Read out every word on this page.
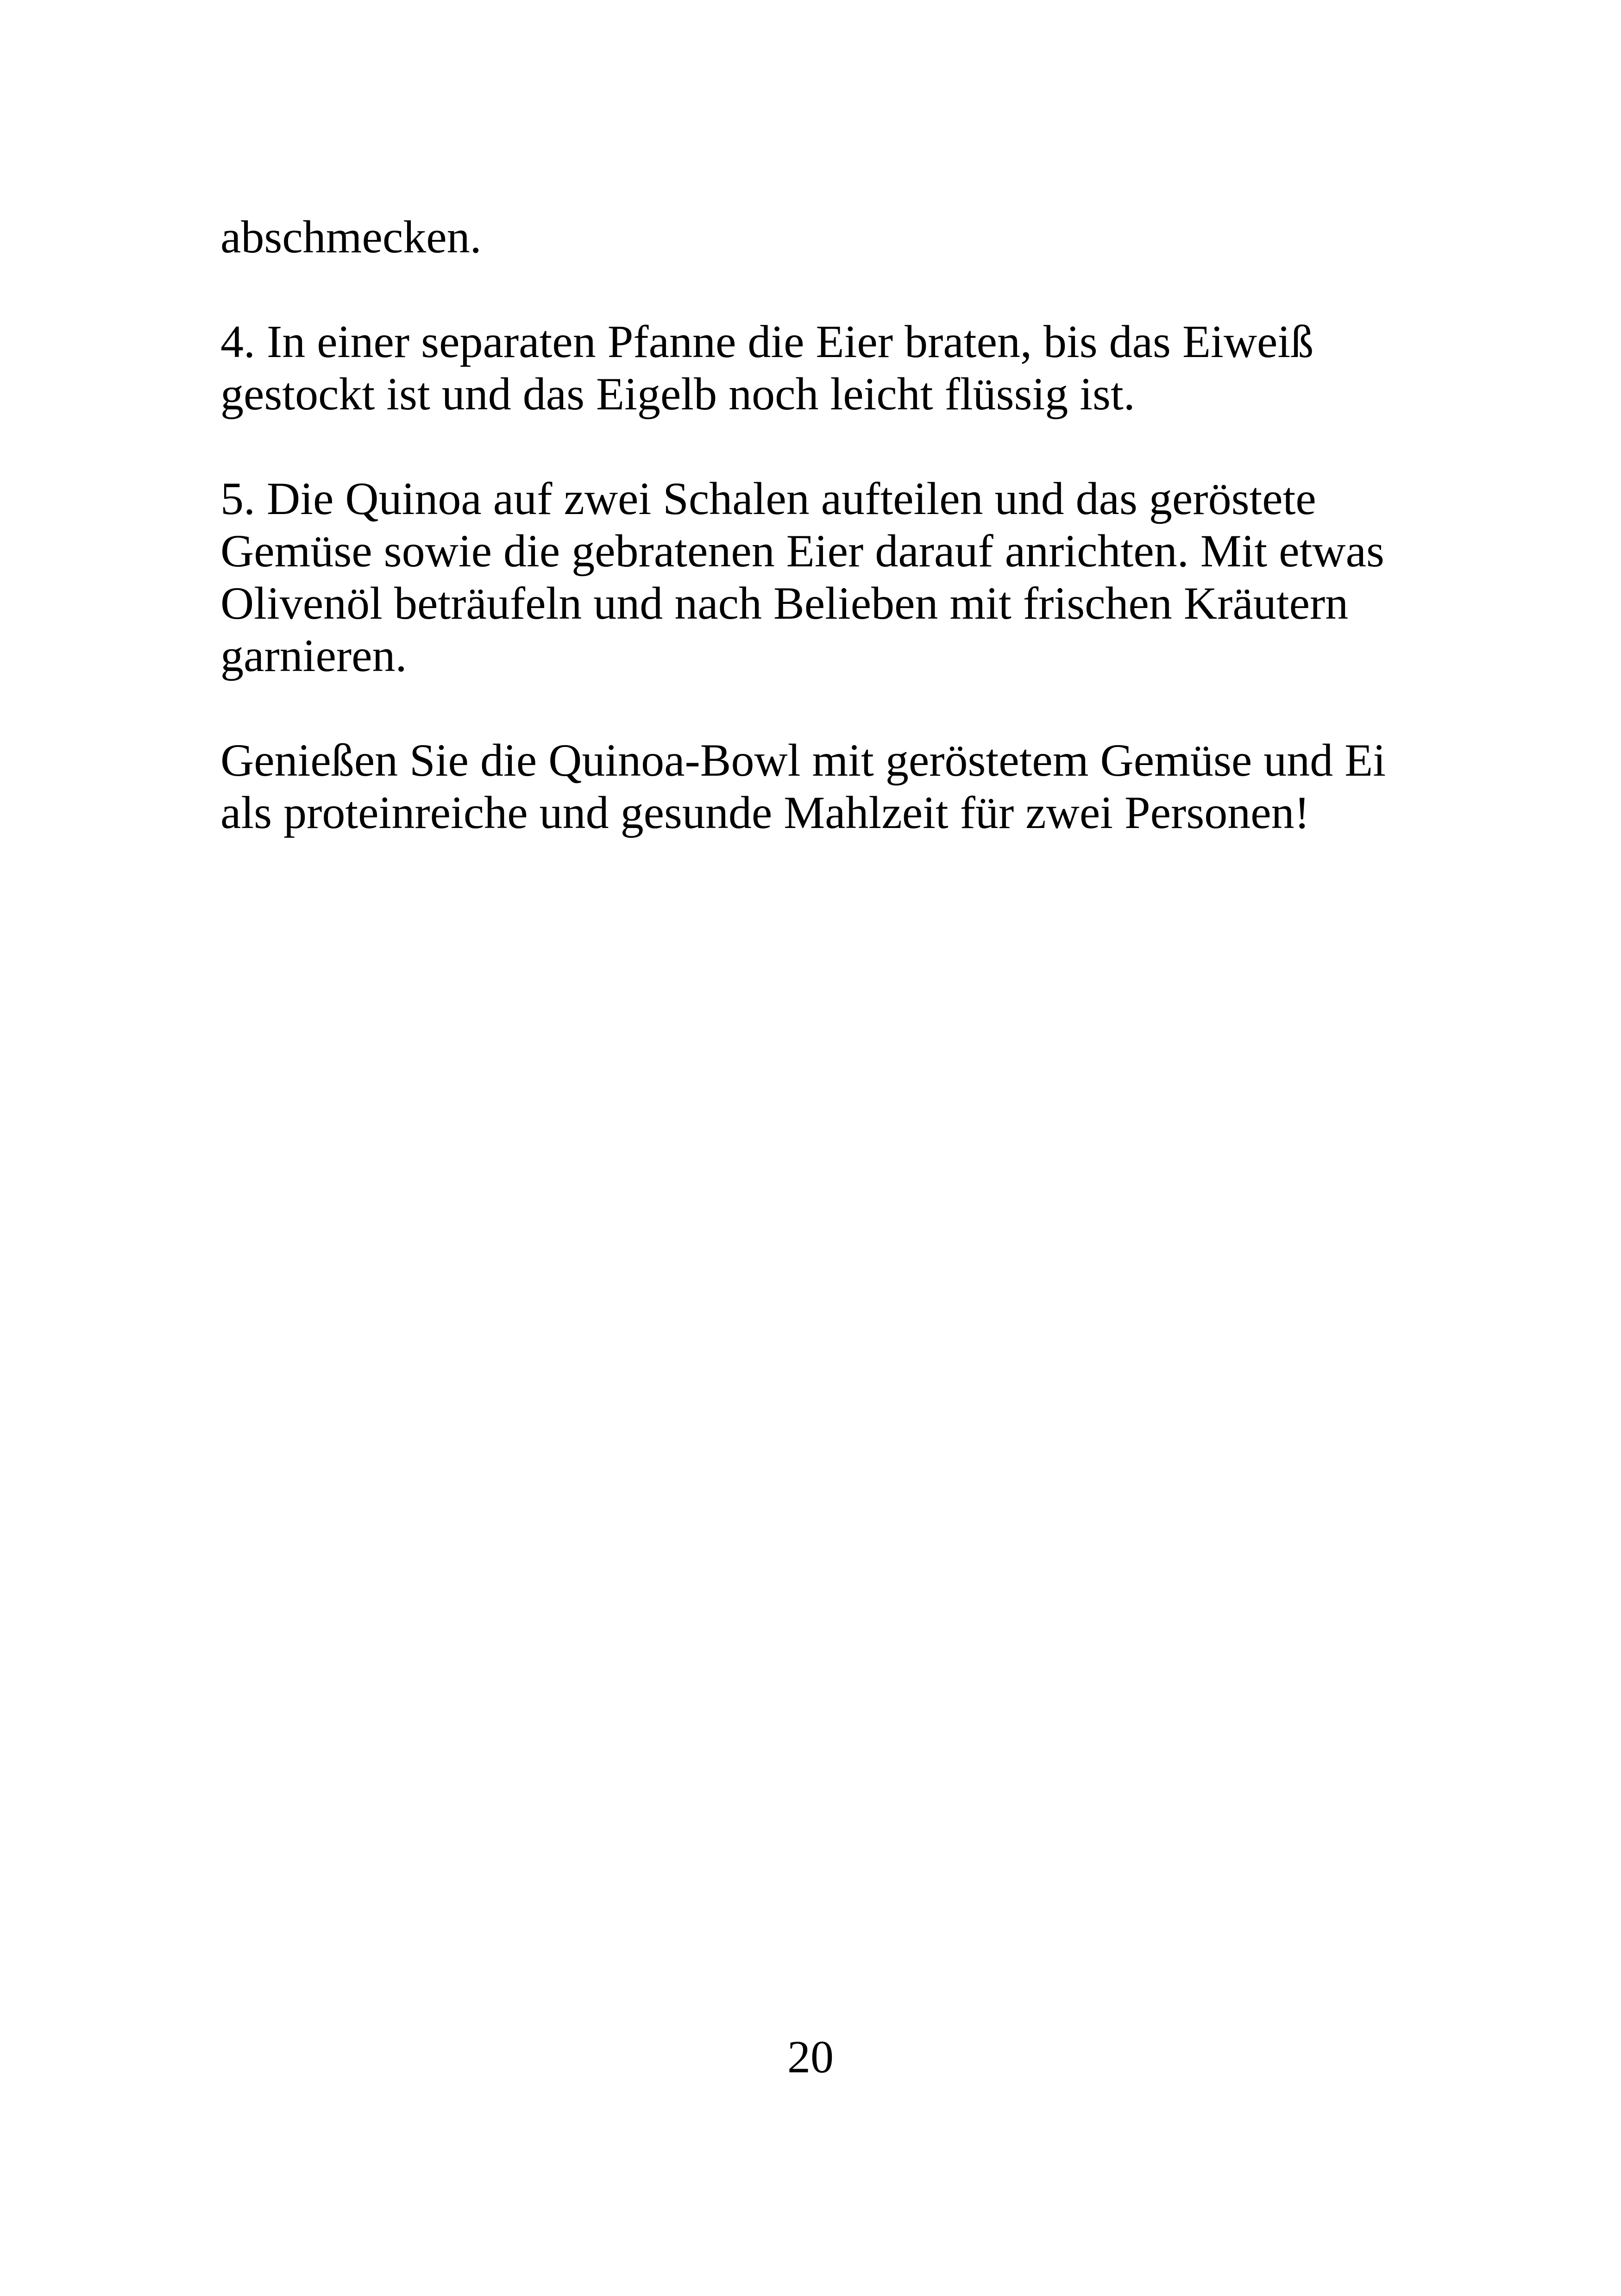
abschmecken.

4. In einer separaten Pfanne die Eier braten, bis das Eiweiß
gestockt ist und das Eigelb noch leicht flüssig ist.

5. Die Quinoa auf zwei Schalen aufteilen und das geröstete
Gemüse sowie die gebratenen Eier darauf anrichten. Mit etwas
Olivenöl beträufeln und nach Belieben mit frischen Kräutern
garnieren.

Genießen Sie die Quinoa-Bowl mit geröstetem Gemüse und Ei
als proteinreiche und gesunde Mahlzeit für zwei Personen!

20
